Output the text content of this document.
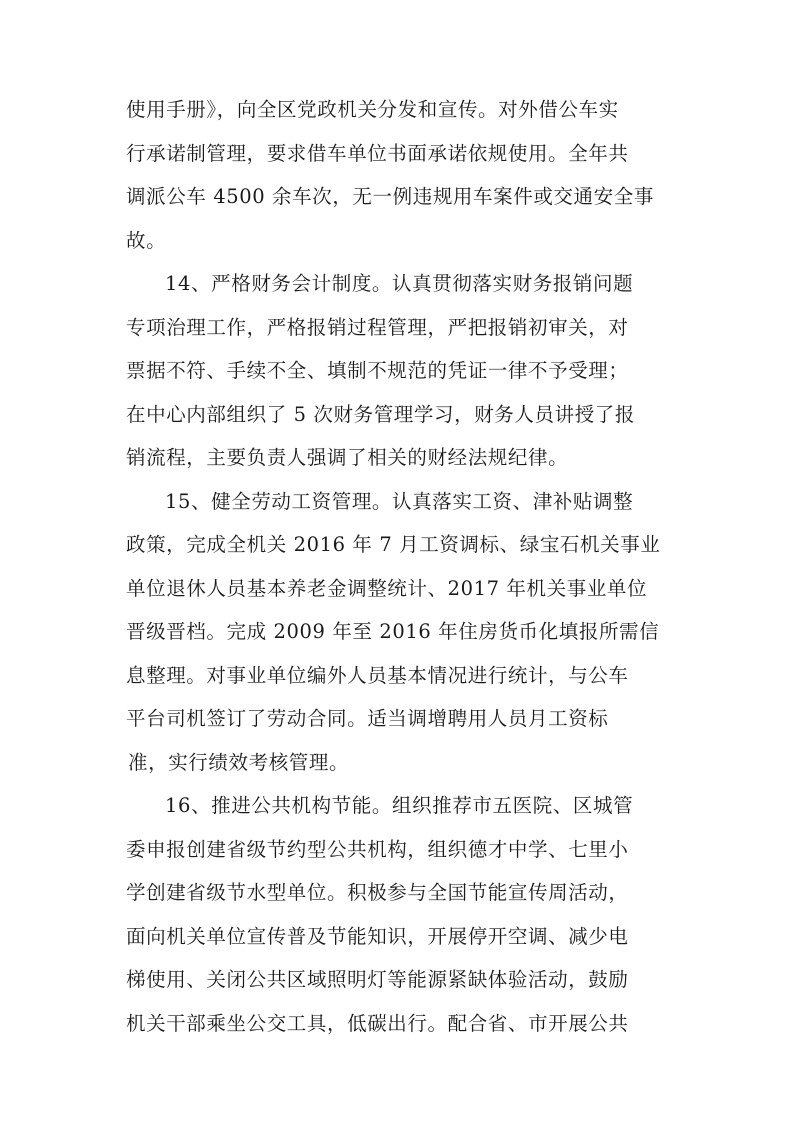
使用手册》，向全区党政机关分发和宣传。对外借公车实
行承诺制管理，要求借车单位书面承诺依规使用。全年共
调派公车 4500 余车次，无一例违规用车案件或交通安全事
故。
14、严格财务会计制度。认真贯彻落实财务报销问题
专项治理工作，严格报销过程管理，严把报销初审关，对
票据不符、手续不全、填制不规范的凭证一律不予受理；
在中心内部组织了 5 次财务管理学习，财务人员讲授了报
销流程，主要负责人强调了相关的财经法规纪律。
15、健全劳动工资管理。认真落实工资、津补贴调整
政策，完成全机关 2016 年 7 月工资调标、绿宝石机关事业
单位退休人员基本养老金调整统计、2017 年机关事业单位
晋级晋档。完成 2009 年至 2016 年住房货币化填报所需信
息整理。对事业单位编外人员基本情况进行统计，与公车
平台司机签订了劳动合同。适当调增聘用人员月工资标
准，实行绩效考核管理。
16、推进公共机构节能。组织推荐市五医院、区城管
委申报创建省级节约型公共机构，组织德才中学、七里小
学创建省级节水型单位。积极参与全国节能宣传周活动，
面向机关单位宣传普及节能知识，开展停开空调、减少电
梯使用、关闭公共区域照明灯等能源紧缺体验活动，鼓励
机关干部乘坐公交工具，低碳出行。配合省、市开展公共
